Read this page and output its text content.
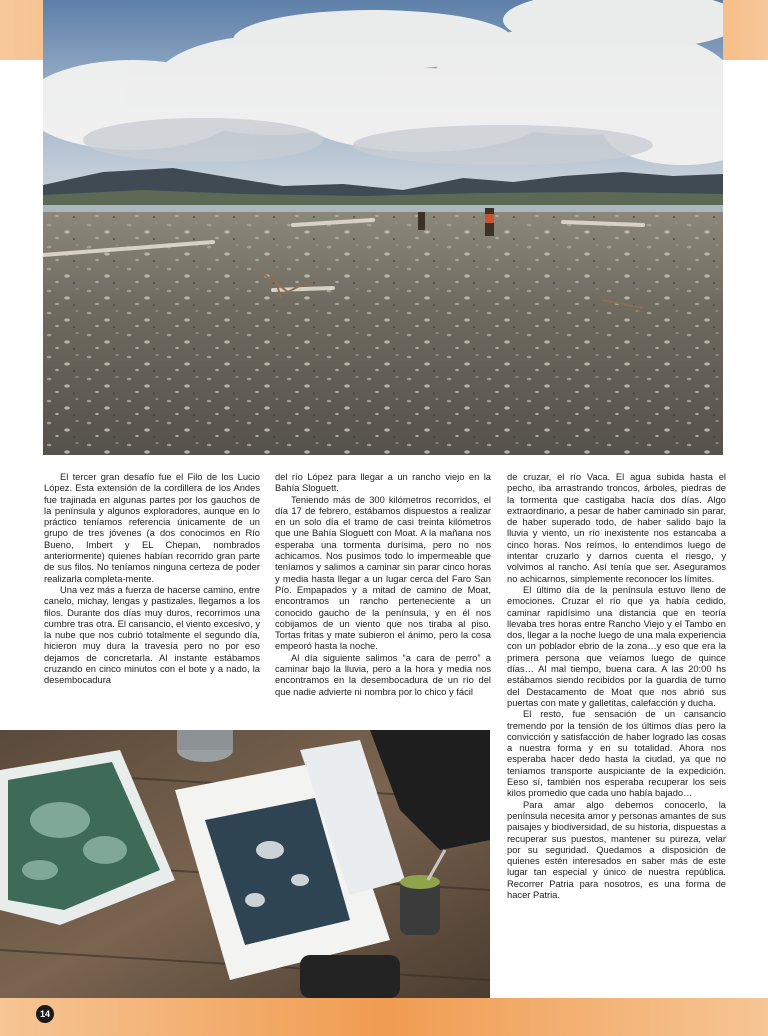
El tercer gran desafío fue el Filo de los Lucio López. Esta extensión de la cordillera de los Andes fue trajinada en algunas partes por los gauchos de la península y algunos exploradores, aunque en lo práctico teníamos referencia únicamente de un grupo de tres jóvenes (a dos conocimos en Río Bueno, Imbert y EL Chepan, nombrados anteriormente) quienes habían recorrido gran parte de sus filos. No teníamos ninguna certeza de poder realizarla completa-mente.

Una vez más a fuerza de hacerse camino, entre canelo, michay, lengas y pastizales, llegamos a los filos. Durante dos días muy duros, recorrimos una cumbre tras otra. El cansancio, el viento excesivo, y la nube que nos cubrió totalmente el segundo día, hicieron muy dura la travesía pero no por eso dejamos de concretarla. Al instante estábamos cruzando en cinco minutos con el bote y a nado, la desembocadura

del río López para llegar a un rancho viejo en la Bahía Sloguett.

Teniendo más de 300 kilómetros recorridos, el día 17 de febrero, estábamos dispuestos a realizar en un solo día el tramo de casi treinta kilómetros que une Bahía Sloguett con Moat. A la mañana nos esperaba una tormenta durísima, pero no nos achicamos. Nos pusimos todo lo impermeable que teníamos y salimos a caminar sin parar cinco horas y media hasta llegar a un lugar cerca del Faro San Pío. Empapados y a mitad de camino de Moat, encontramos un rancho perteneciente a un conocido gaucho de la península, y en él nos cobijamos de un viento que nos tiraba al piso. Tortas fritas y mate subieron el ánimo, pero la cosa empeoró hasta la noche.

Al día siguiente salimos “a cara de perro” a caminar bajo la lluvia, pero a la hora y media nos encontramos en la desembocadura de un río del que nadie advierte ni nombra por lo chico y fácil

de cruzar, el río Vaca. El agua subida hasta el pecho, iba arrastrando troncos, árboles, piedras de la tormenta que castigaba hacía dos días. Algo extraordinario, a pesar de haber caminado sin parar, de haber superado todo, de haber salido bajo la lluvia y viento, un río inexistente nos estancaba a cinco horas. Nos reímos, lo entendimos luego de intentar cruzarlo y darnos cuenta el riesgo, y volvimos al rancho. Así tenía que ser. Aseguramos no achicarnos, simplemente reconocer los límites.

El último día de la península estuvo lleno de emociones. Cruzar el río que ya había cedido, caminar rapidísimo una distancia que en teoría llevaba tres horas entre Rancho Viejo y el Tambo en dos, llegar a la noche luego de una mala experiencia con un poblador ebrio de la zona…y eso que era la primera persona que veíamos luego de quince días… Al mal tiempo, buena cara. A las 20:00 hs estábamos siendo recibidos por la guardia de turno del Destacamento de Moat que nos abrió sus puertas con mate y galletitas, calefacción y ducha.

El resto, fue sensación de un cansancio tremendo por la tensión de los últimos días pero la convicción y satisfacción de haber logrado las cosas a nuestra forma y en su totalidad. Ahora nos esperaba hacer dedo hasta la ciudad, ya que no teníamos transporte auspiciante de la expedición. Eeso sí, también nos esperaba recuperar los seis kilos promedio que cada uno había bajado…

Para amar algo debemos conocerlo, la península necesita amor y personas amantes de sus paisajes y biodiversidad, de su historia, dispuestas a recuperar sus puestos, mantener su pureza, velar por su seguridad. Quedamos a disposición de quienes estén interesados en saber más de este lugar tan especial y único de nuestra república. Recorrer Patria para nosotros, es una forma de hacer Patria.

14
